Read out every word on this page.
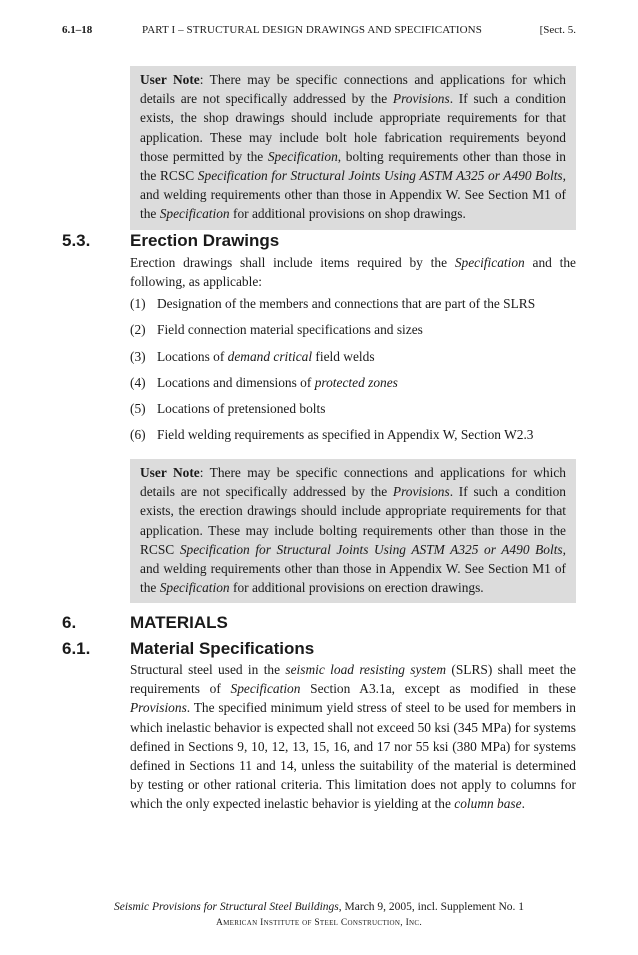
6.1–18	PART I – STRUCTURAL DESIGN DRAWINGS AND SPECIFICATIONS	[Sect. 5.
User Note: There may be specific connections and applications for which details are not specifically addressed by the Provisions. If such a condition exists, the shop drawings should include appropriate requirements for that application. These may include bolt hole fabrication requirements beyond those permitted by the Specification, bolting requirements other than those in the RCSC Specification for Structural Joints Using ASTM A325 or A490 Bolts, and welding requirements other than those in Appendix W. See Section M1 of the Specification for additional provisions on shop drawings.
5.3. Erection Drawings
Erection drawings shall include items required by the Specification and the following, as applicable:
(1) Designation of the members and connections that are part of the SLRS
(2) Field connection material specifications and sizes
(3) Locations of demand critical field welds
(4) Locations and dimensions of protected zones
(5) Locations of pretensioned bolts
(6) Field welding requirements as specified in Appendix W, Section W2.3
User Note: There may be specific connections and applications for which details are not specifically addressed by the Provisions. If such a condition exists, the erection drawings should include appropriate requirements for that application. These may include bolting requirements other than those in the RCSC Specification for Structural Joints Using ASTM A325 or A490 Bolts, and welding requirements other than those in Appendix W. See Section M1 of the Specification for additional provisions on erection drawings.
6.	MATERIALS
6.1. Material Specifications
Structural steel used in the seismic load resisting system (SLRS) shall meet the requirements of Specification Section A3.1a, except as modified in these Provisions. The specified minimum yield stress of steel to be used for members in which inelastic behavior is expected shall not exceed 50 ksi (345 MPa) for systems defined in Sections 9, 10, 12, 13, 15, 16, and 17 nor 55 ksi (380 MPa) for systems defined in Sections 11 and 14, unless the suitability of the material is determined by testing or other rational criteria. This limitation does not apply to columns for which the only expected inelastic behavior is yielding at the column base.
Seismic Provisions for Structural Steel Buildings, March 9, 2005, incl. Supplement No. 1
American Institute of Steel Construction, Inc.
